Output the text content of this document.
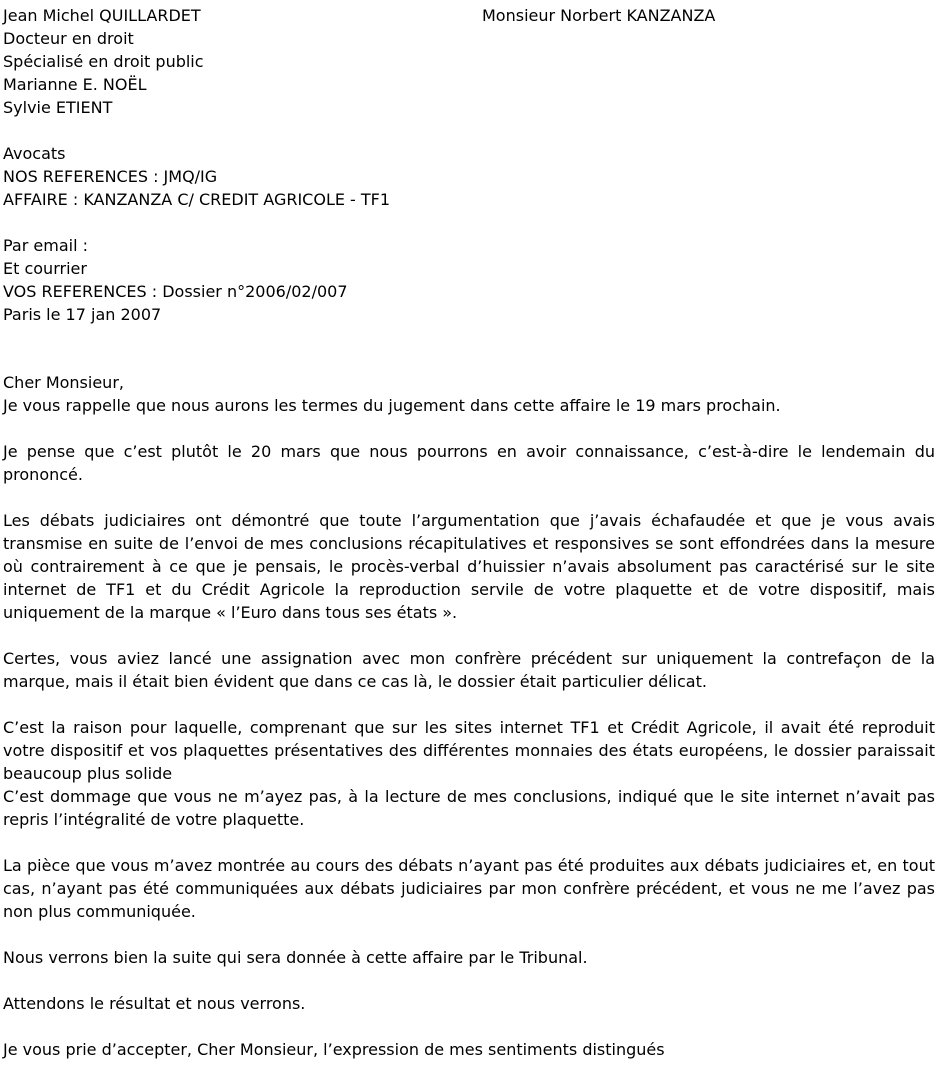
Jean Michel QUILLARDET
Docteur en droit
Spécialisé en droit public
Marianne E. NOËL
Sylvie ETIENT
Avocats
NOS REFERENCES : JMQ/IG
AFFAIRE : KANZANZA C/ CREDIT AGRICOLE - TF1
Par email :
Et courrier
VOS REFERENCES : Dossier n°2006/02/007
Paris le 17 jan 2007
Monsieur Norbert KANZANZA

Cher Monsieur,

Je vous rappelle que nous aurons les termes du jugement dans cette affaire le 19 mars prochain.

Je pense que c’est plutôt le 20 mars que nous pourrons en avoir connaissance, c’est-à-dire le lendemain du prononcé.

Les débats judiciaires ont démontré que toute l’argumentation que j’avais échafaudée et que je vous avais transmise en suite de l’envoi de mes conclusions récapitulatives et responsives se sont effondrées dans la mesure où contrairement à ce que je pensais, le procès-verbal d’huissier n’avais absolument pas caractérisé sur le site internet de TF1 et du Crédit Agricole la reproduction servile de votre plaquette et de votre dispositif, mais uniquement de la marque « l’Euro dans tous ses états ».

Certes, vous aviez lancé une assignation avec mon confrère précédent sur uniquement la contrefaçon de la marque, mais il était bien évident que dans ce cas là, le dossier était particulier délicat.

C’est la raison pour laquelle, comprenant que sur les sites internet TF1 et Crédit Agricole, il avait été reproduit votre dispositif et vos plaquettes présentatives des différentes monnaies des états européens, le dossier paraissait beaucoup plus solide

C’est dommage que vous ne m’ayez pas, à la lecture de mes conclusions, indiqué que le site internet n’avait pas repris l’intégralité de votre plaquette.

La pièce que vous m’avez montrée au cours des débats n’ayant pas été produites aux débats judiciaires et, en tout cas, n’ayant pas été communiquées aux débats judiciaires par mon confrère précédent, et vous ne me l’avez pas non plus communiquée.

Nous verrons bien la suite qui sera donnée à cette affaire par le Tribunal.

Attendons le résultat et nous verrons.

Je vous prie d’accepter, Cher Monsieur, l’expression de mes sentiments distingués
